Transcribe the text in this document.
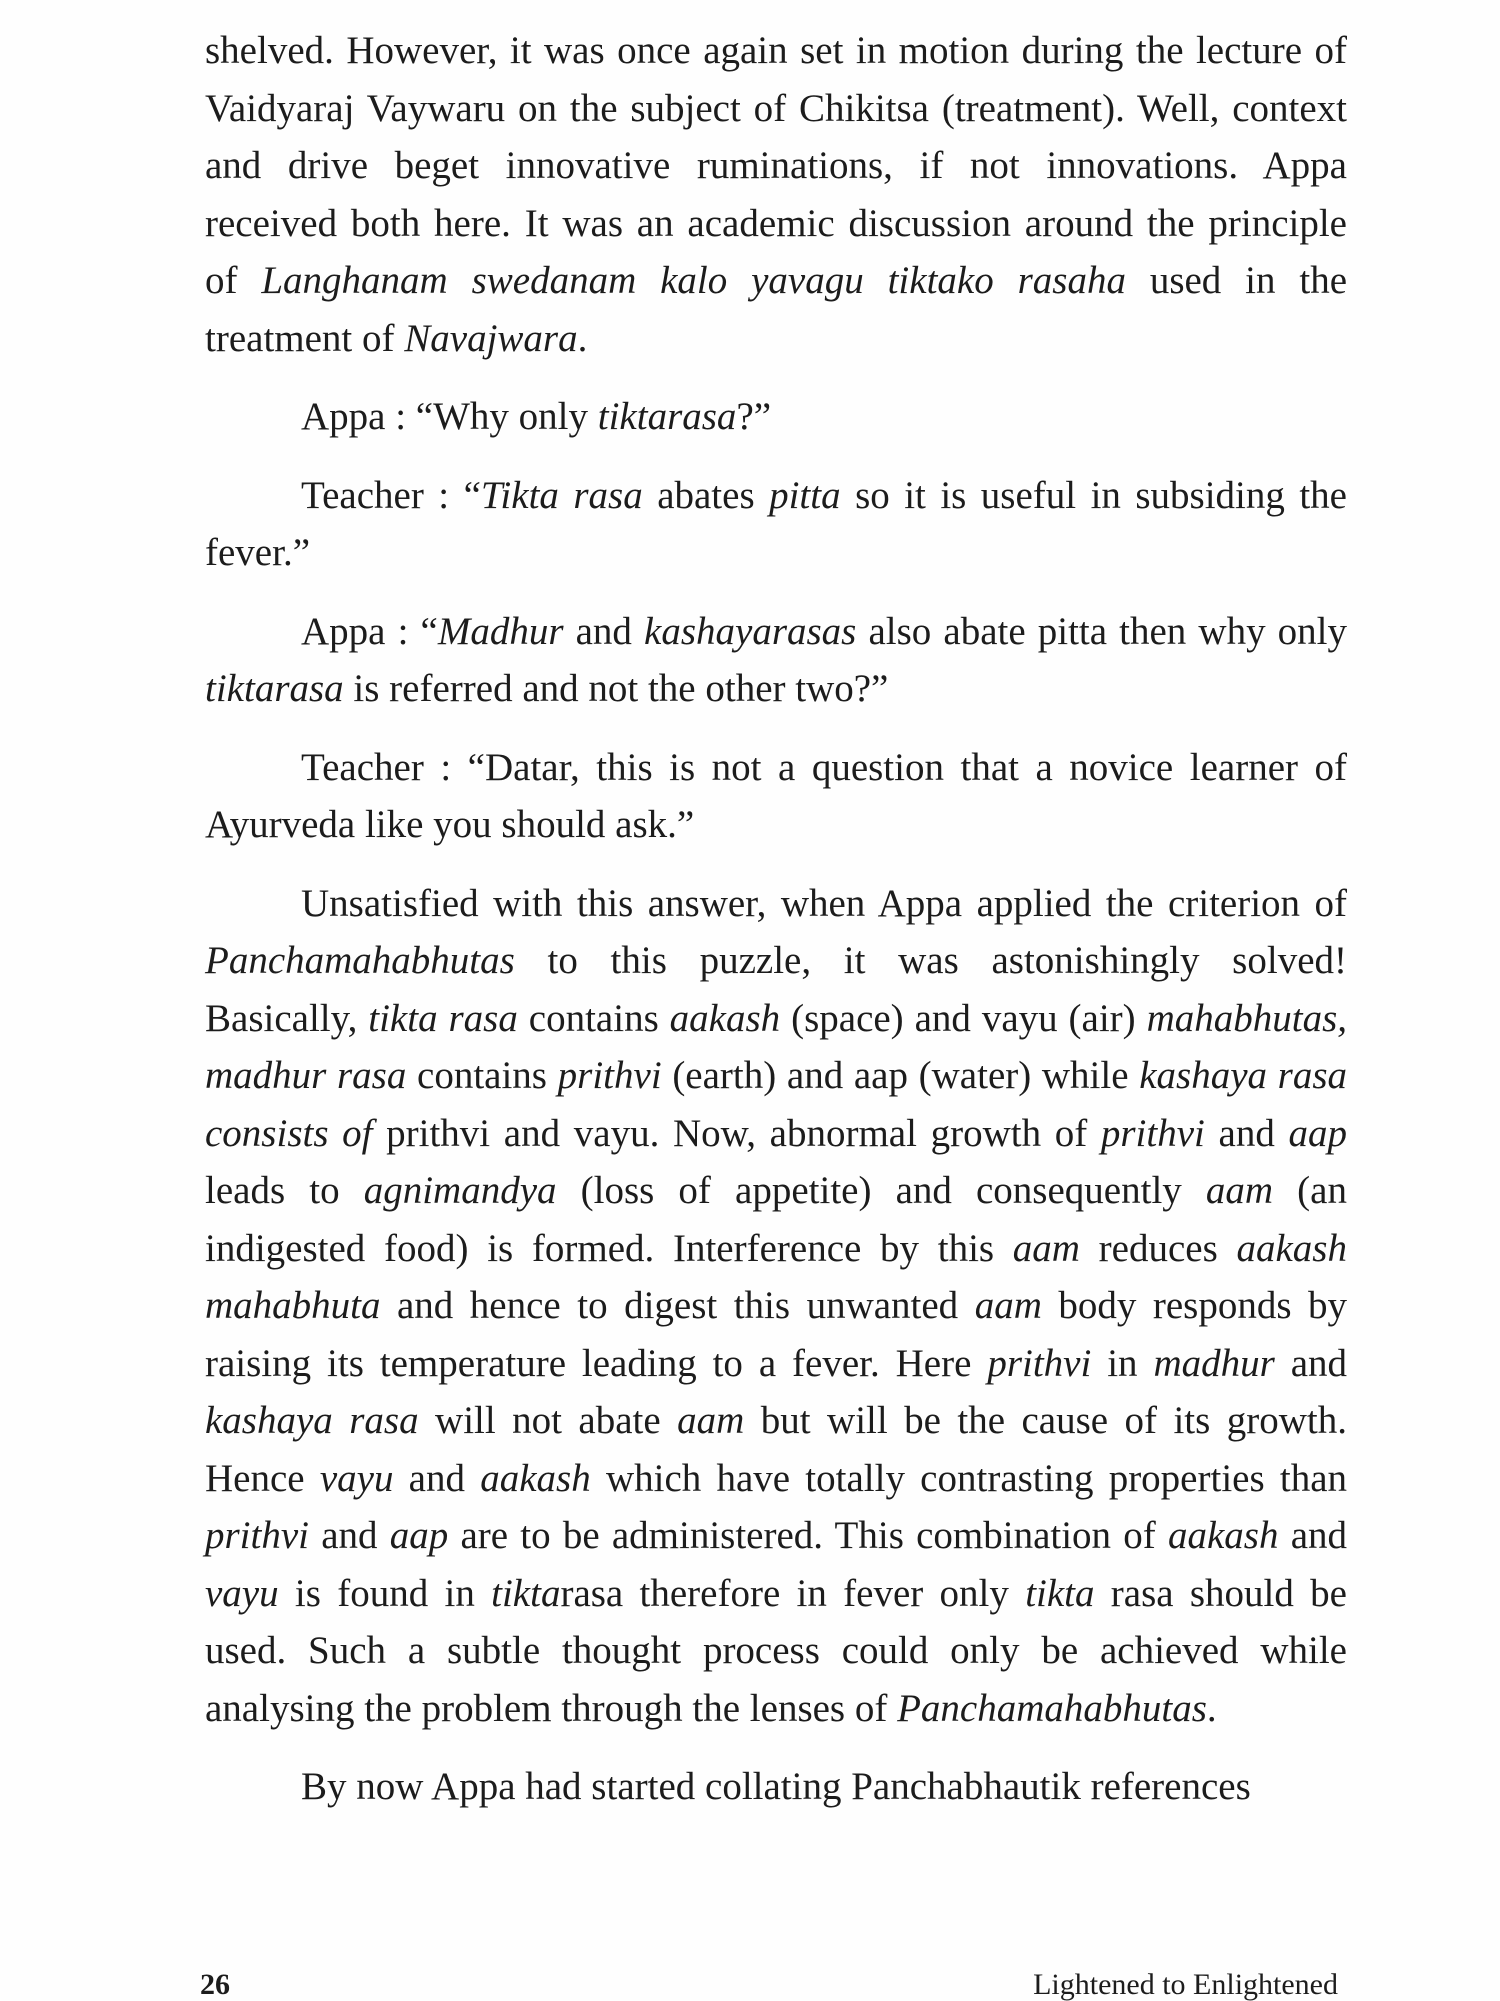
shelved. However, it was once again set in motion during the lecture of Vaidyaraj Vaywaru on the subject of Chikitsa (treatment). Well, context and drive beget innovative ruminations, if not innovations. Appa received both here. It was an academic discussion around the principle of Langhanam swedanam kalo yavagu tiktako rasaha used in the treatment of Navajwara.

Appa : “Why only tiktarasa?”

Teacher : “Tikta rasa abates pitta so it is useful in subsiding the fever.”

Appa : “Madhur and kashayarasas also abate pitta then why only tiktarasa is referred and not the other two?”

Teacher : “Datar, this is not a question that a novice learner of Ayurveda like you should ask.”

Unsatisfied with this answer, when Appa applied the criterion of Panchamahabhutas to this puzzle, it was astonishingly solved! Basically, tikta rasa contains aakash (space) and vayu (air) mahabhutas, madhur rasa contains prithvi (earth) and aap (water) while kashaya rasa consists of prithvi and vayu. Now, abnormal growth of prithvi and aap leads to agnimandya (loss of appetite) and consequently aam (an indigested food) is formed. Interference by this aam reduces aakash mahabhuta and hence to digest this unwanted aam body responds by raising its temperature leading to a fever. Here prithvi in madhur and kashaya rasa will not abate aam but will be the cause of its growth. Hence vayu and aakash which have totally contrasting properties than prithvi and aap are to be administered. This combination of aakash and vayu is found in tiktarasa therefore in fever only tikta rasa should be used. Such a subtle thought process could only be achieved while analysing the problem through the lenses of Panchamahabhutas.

By now Appa had started collating Panchabhautik references

26	Lightened to Enlightened
